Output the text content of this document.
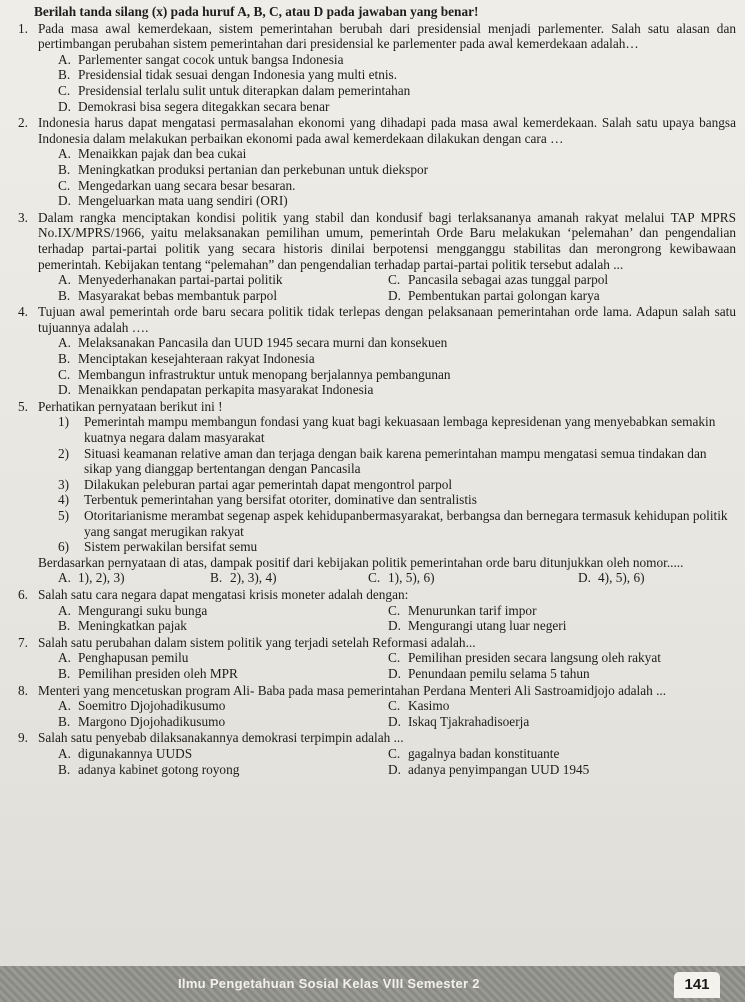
Berilah tanda silang (x) pada huruf A, B, C, atau D pada jawaban yang benar!
1. Pada masa awal kemerdekaan, sistem pemerintahan berubah dari presidensial menjadi parlementer. Salah satu alasan dan pertimbangan perubahan sistem pemerintahan dari presidensial ke parlementer pada awal kemerdekaan adalah…
A. Parlementer sangat cocok untuk bangsa Indonesia
B. Presidensial tidak sesuai dengan Indonesia yang multi etnis.
C. Presidensial terlalu sulit untuk diterapkan dalam pemerintahan
D. Demokrasi bisa segera ditegakkan secara benar
2. Indonesia harus dapat mengatasi permasalahan ekonomi yang dihadapi pada masa awal kemerdekaan. Salah satu upaya bangsa Indonesia dalam melakukan perbaikan ekonomi pada awal kemerdekaan dilakukan dengan cara …
A. Menaikkan pajak dan bea cukai
B. Meningkatkan produksi pertanian dan perkebunan untuk diekspor
C. Mengedarkan uang secara besar besaran.
D. Mengeluarkan mata uang sendiri (ORI)
3. Dalam rangka menciptakan kondisi politik yang stabil dan kondusif bagi terlaksananya amanah rakyat melalui TAP MPRS No.IX/MPRS/1966, yaitu melaksanakan pemilihan umum, pemerintah Orde Baru melakukan ‘pelemahan’ dan pengendalian terhadap partai-partai politik yang secara historis dinilai berpotensi mengganggu stabilitas dan merongrong kewibawaan pemerintah. Kebijakan tentang “pelemahan” dan pengendalian terhadap partai-partai politik tersebut adalah ...
A. Menyederhanakan partai-partai politik	C. Pancasila sebagai azas tunggal parpol
B. Masyarakat bebas membantuk parpol	D. Pembentukan partai golongan karya
4. Tujuan awal pemerintah orde baru secara politik tidak terlepas dengan pelaksanaan pemerintahan orde lama. Adapun salah satu tujuannya adalah ….
A. Melaksanakan Pancasila dan UUD 1945 secara murni dan konsekuen
B. Menciptakan kesejahteraan rakyat Indonesia
C. Membangun infrastruktur untuk menopang berjalannya pembangunan
D. Menaikkan pendapatan perkapita masyarakat Indonesia
5. Perhatikan pernyataan berikut ini !
1) Pemerintah mampu membangun fondasi yang kuat bagi kekuasaan lembaga kepresidenan yang menyebabkan semakin kuatnya negara dalam masyarakat
2) Situasi keamanan relative aman dan terjaga dengan baik karena pemerintahan mampu mengatasi semua tindakan dan sikap yang dianggap bertentangan dengan Pancasila
3) Dilakukan peleburan partai agar pemerintah dapat mengontrol parpol
4) Terbentuk pemerintahan yang bersifat otoriter, dominative dan sentralistis
5) Otoritarianisme merambat segenap aspek kehidupanbermasyarakat, berbangsa dan bernegara termasuk kehidupan politik yang sangat merugikan rakyat
6) Sistem perwakilan bersifat semu
Berdasarkan pernyataan di atas, dampak positif dari kebijakan politik pemerintahan orde baru ditunjukkan oleh nomor.....
A. 1), 2), 3)	B. 2), 3), 4)	C. 1), 5), 6)	D. 4), 5), 6)
6. Salah satu cara negara dapat mengatasi krisis moneter adalah dengan:
A. Mengurangi suku bunga	C. Menurunkan tarif impor
B. Meningkatkan pajak	D. Mengurangi utang luar negeri
7. Salah satu perubahan dalam sistem politik yang terjadi setelah Reformasi adalah...
A. Penghapusan pemilu	C. Pemilihan presiden secara langsung oleh rakyat
B. Pemilihan presiden oleh MPR	D. Penundaan pemilu selama 5 tahun
8. Menteri yang mencetuskan program Ali- Baba pada masa pemerintahan Perdana Menteri Ali Sastroamidjojo adalah ...
A. Soemitro Djojohadikusumo	C. Kasimo
B. Margono Djojohadikusumo	D. Iskaq Tjakrahadisoerja
9. Salah satu penyebab dilaksanakannya demokrasi terpimpin adalah ...
A. digunakannya UUDS	C. gagalnya badan konstituante
B. adanya kabinet gotong royong	D. adanya penyimpangan UUD 1945
Ilmu Pengetahuan Sosial Kelas VIII Semester 2	141
